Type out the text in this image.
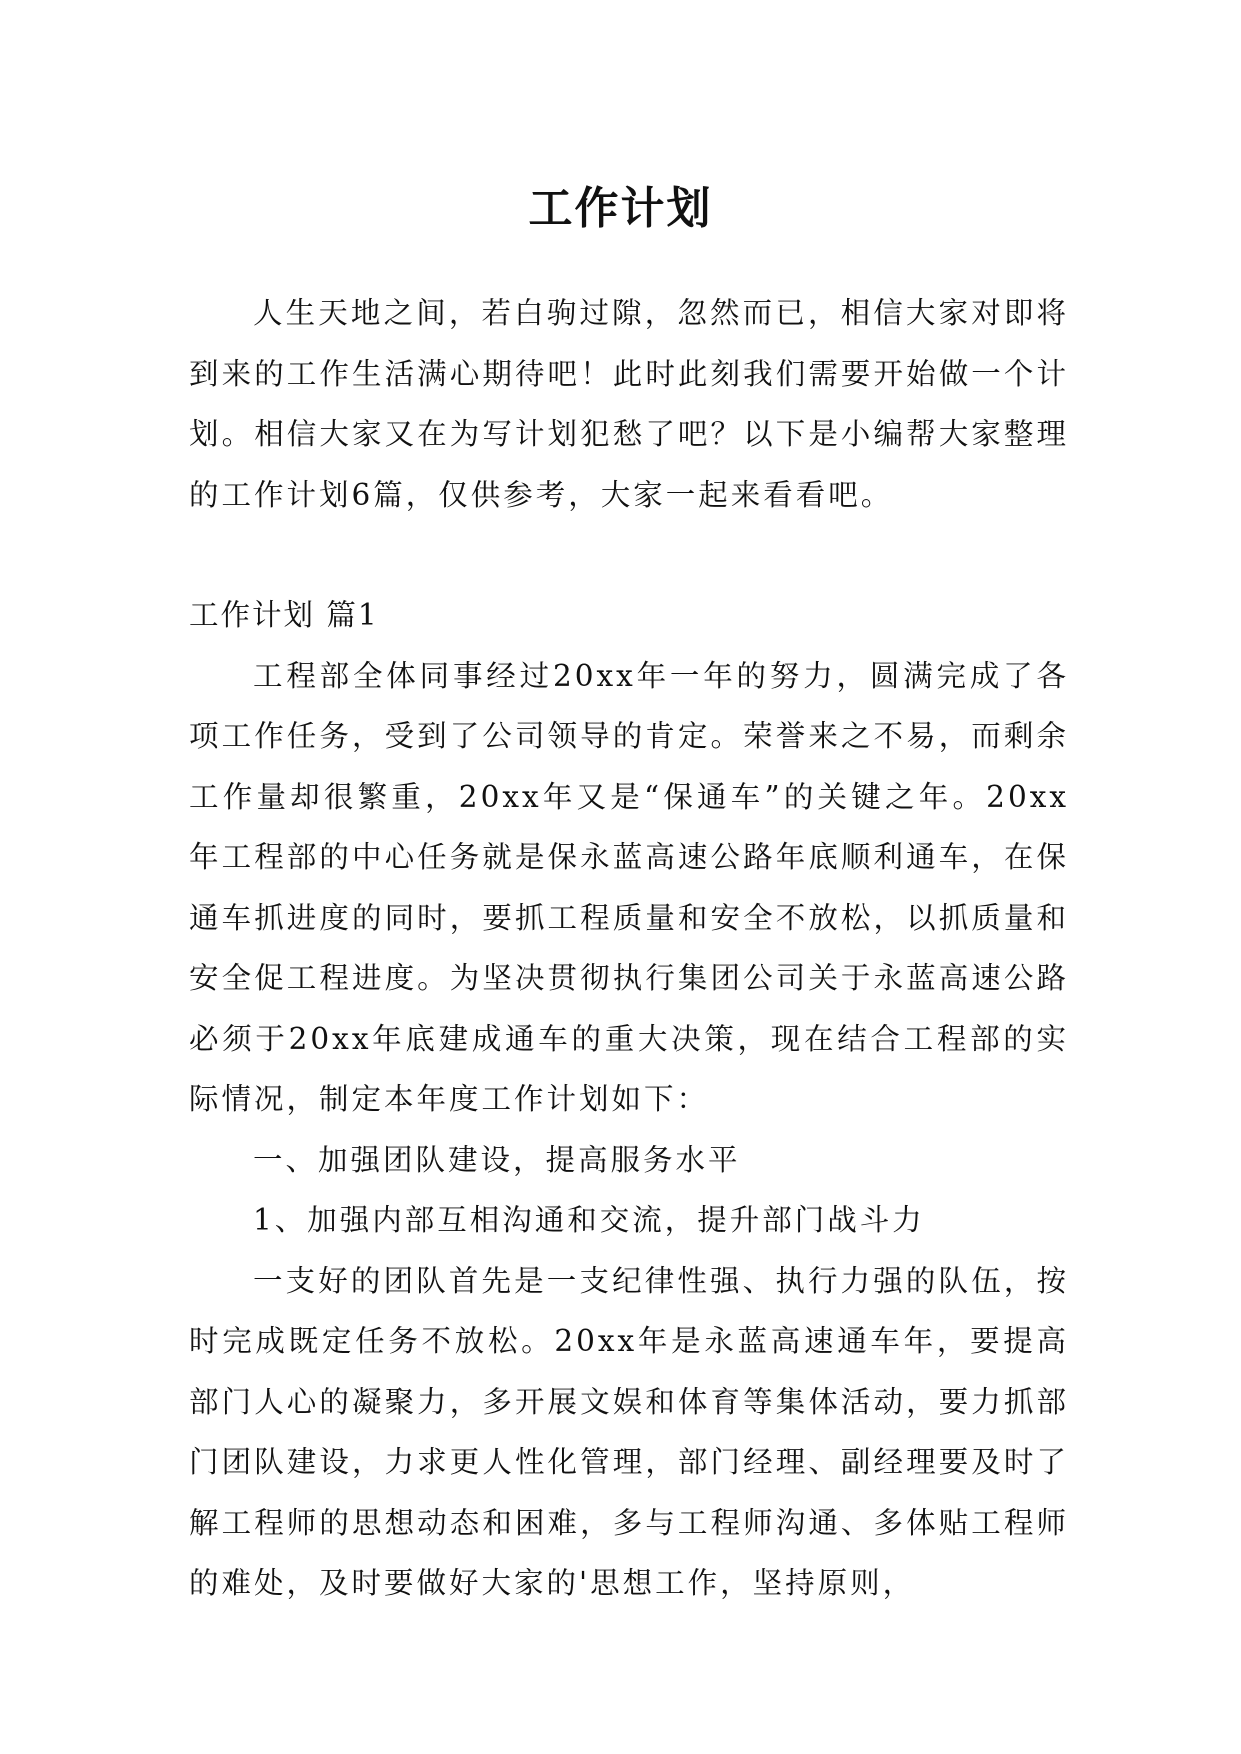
工作计划

人生天地之间，若白驹过隙，忽然而已，相信大家对即将到来的工作生活满心期待吧！此时此刻我们需要开始做一个计划。相信大家又在为写计划犯愁了吧？以下是小编帮大家整理的工作计划6篇，仅供参考，大家一起来看看吧。

工作计划 篇1

工程部全体同事经过20xx年一年的努力，圆满完成了各项工作任务，受到了公司领导的肯定。荣誉来之不易，而剩余工作量却很繁重，20xx年又是“保通车”的关键之年。20xx年工程部的中心任务就是保永蓝高速公路年底顺利通车，在保通车抓进度的同时，要抓工程质量和安全不放松，以抓质量和安全促工程进度。为坚决贯彻执行集团公司关于永蓝高速公路必须于20xx年底建成通车的重大决策，现在结合工程部的实际情况，制定本年度工作计划如下：

一、加强团队建设，提高服务水平

1、加强内部互相沟通和交流，提升部门战斗力

一支好的团队首先是一支纪律性强、执行力强的队伍，按时完成既定任务不放松。20xx年是永蓝高速通车年，要提高部门人心的凝聚力，多开展文娱和体育等集体活动，要力抓部门团队建设，力求更人性化管理，部门经理、副经理要及时了解工程师的思想动态和困难，多与工程师沟通、多体贴工程师的难处，及时要做好大家的'思想工作，坚持原则，
